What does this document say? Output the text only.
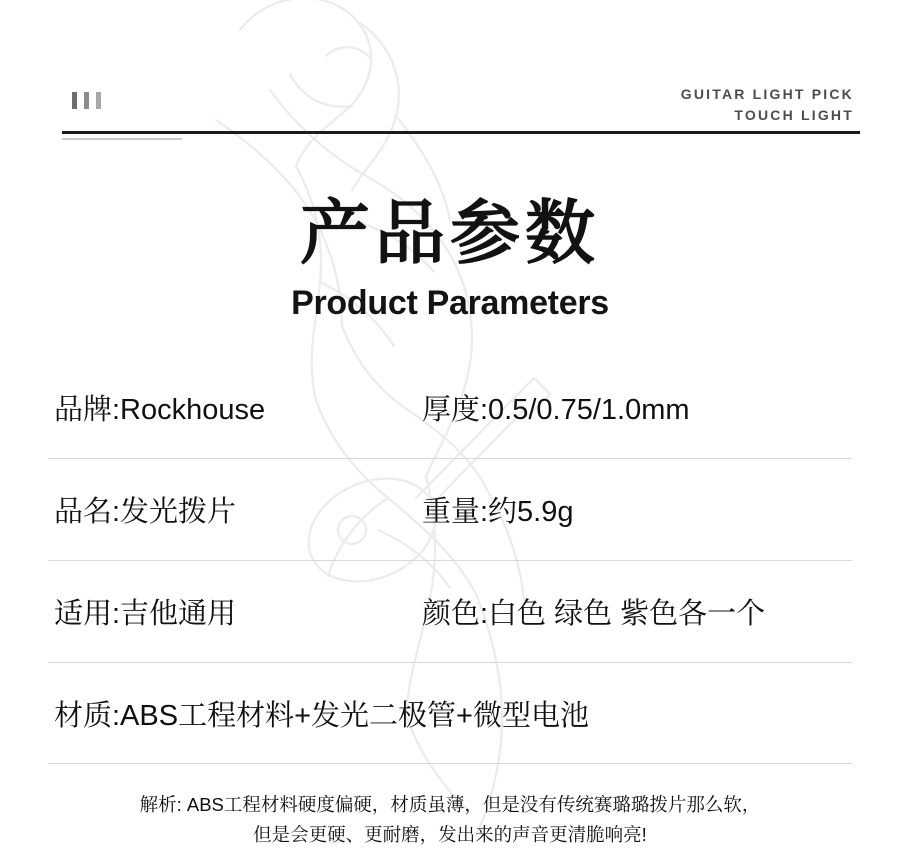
GUITAR LIGHT PICK
TOUCH LIGHT
产品参数
Product Parameters
品牌:Rockhouse	厚度:0.5/0.75/1.0mm
品名:发光拨片	重量:约5.9g
适用:吉他通用	颜色:白色 绿色 紫色各一个
材质:ABS工程材料+发光二极管+微型电池
解析: ABS工程材料硬度偏硬，材质虽薄，但是没有传统赛璐璐拨片那么软，
但是会更硬、更耐磨，发出来的声音更清脆响亮!
